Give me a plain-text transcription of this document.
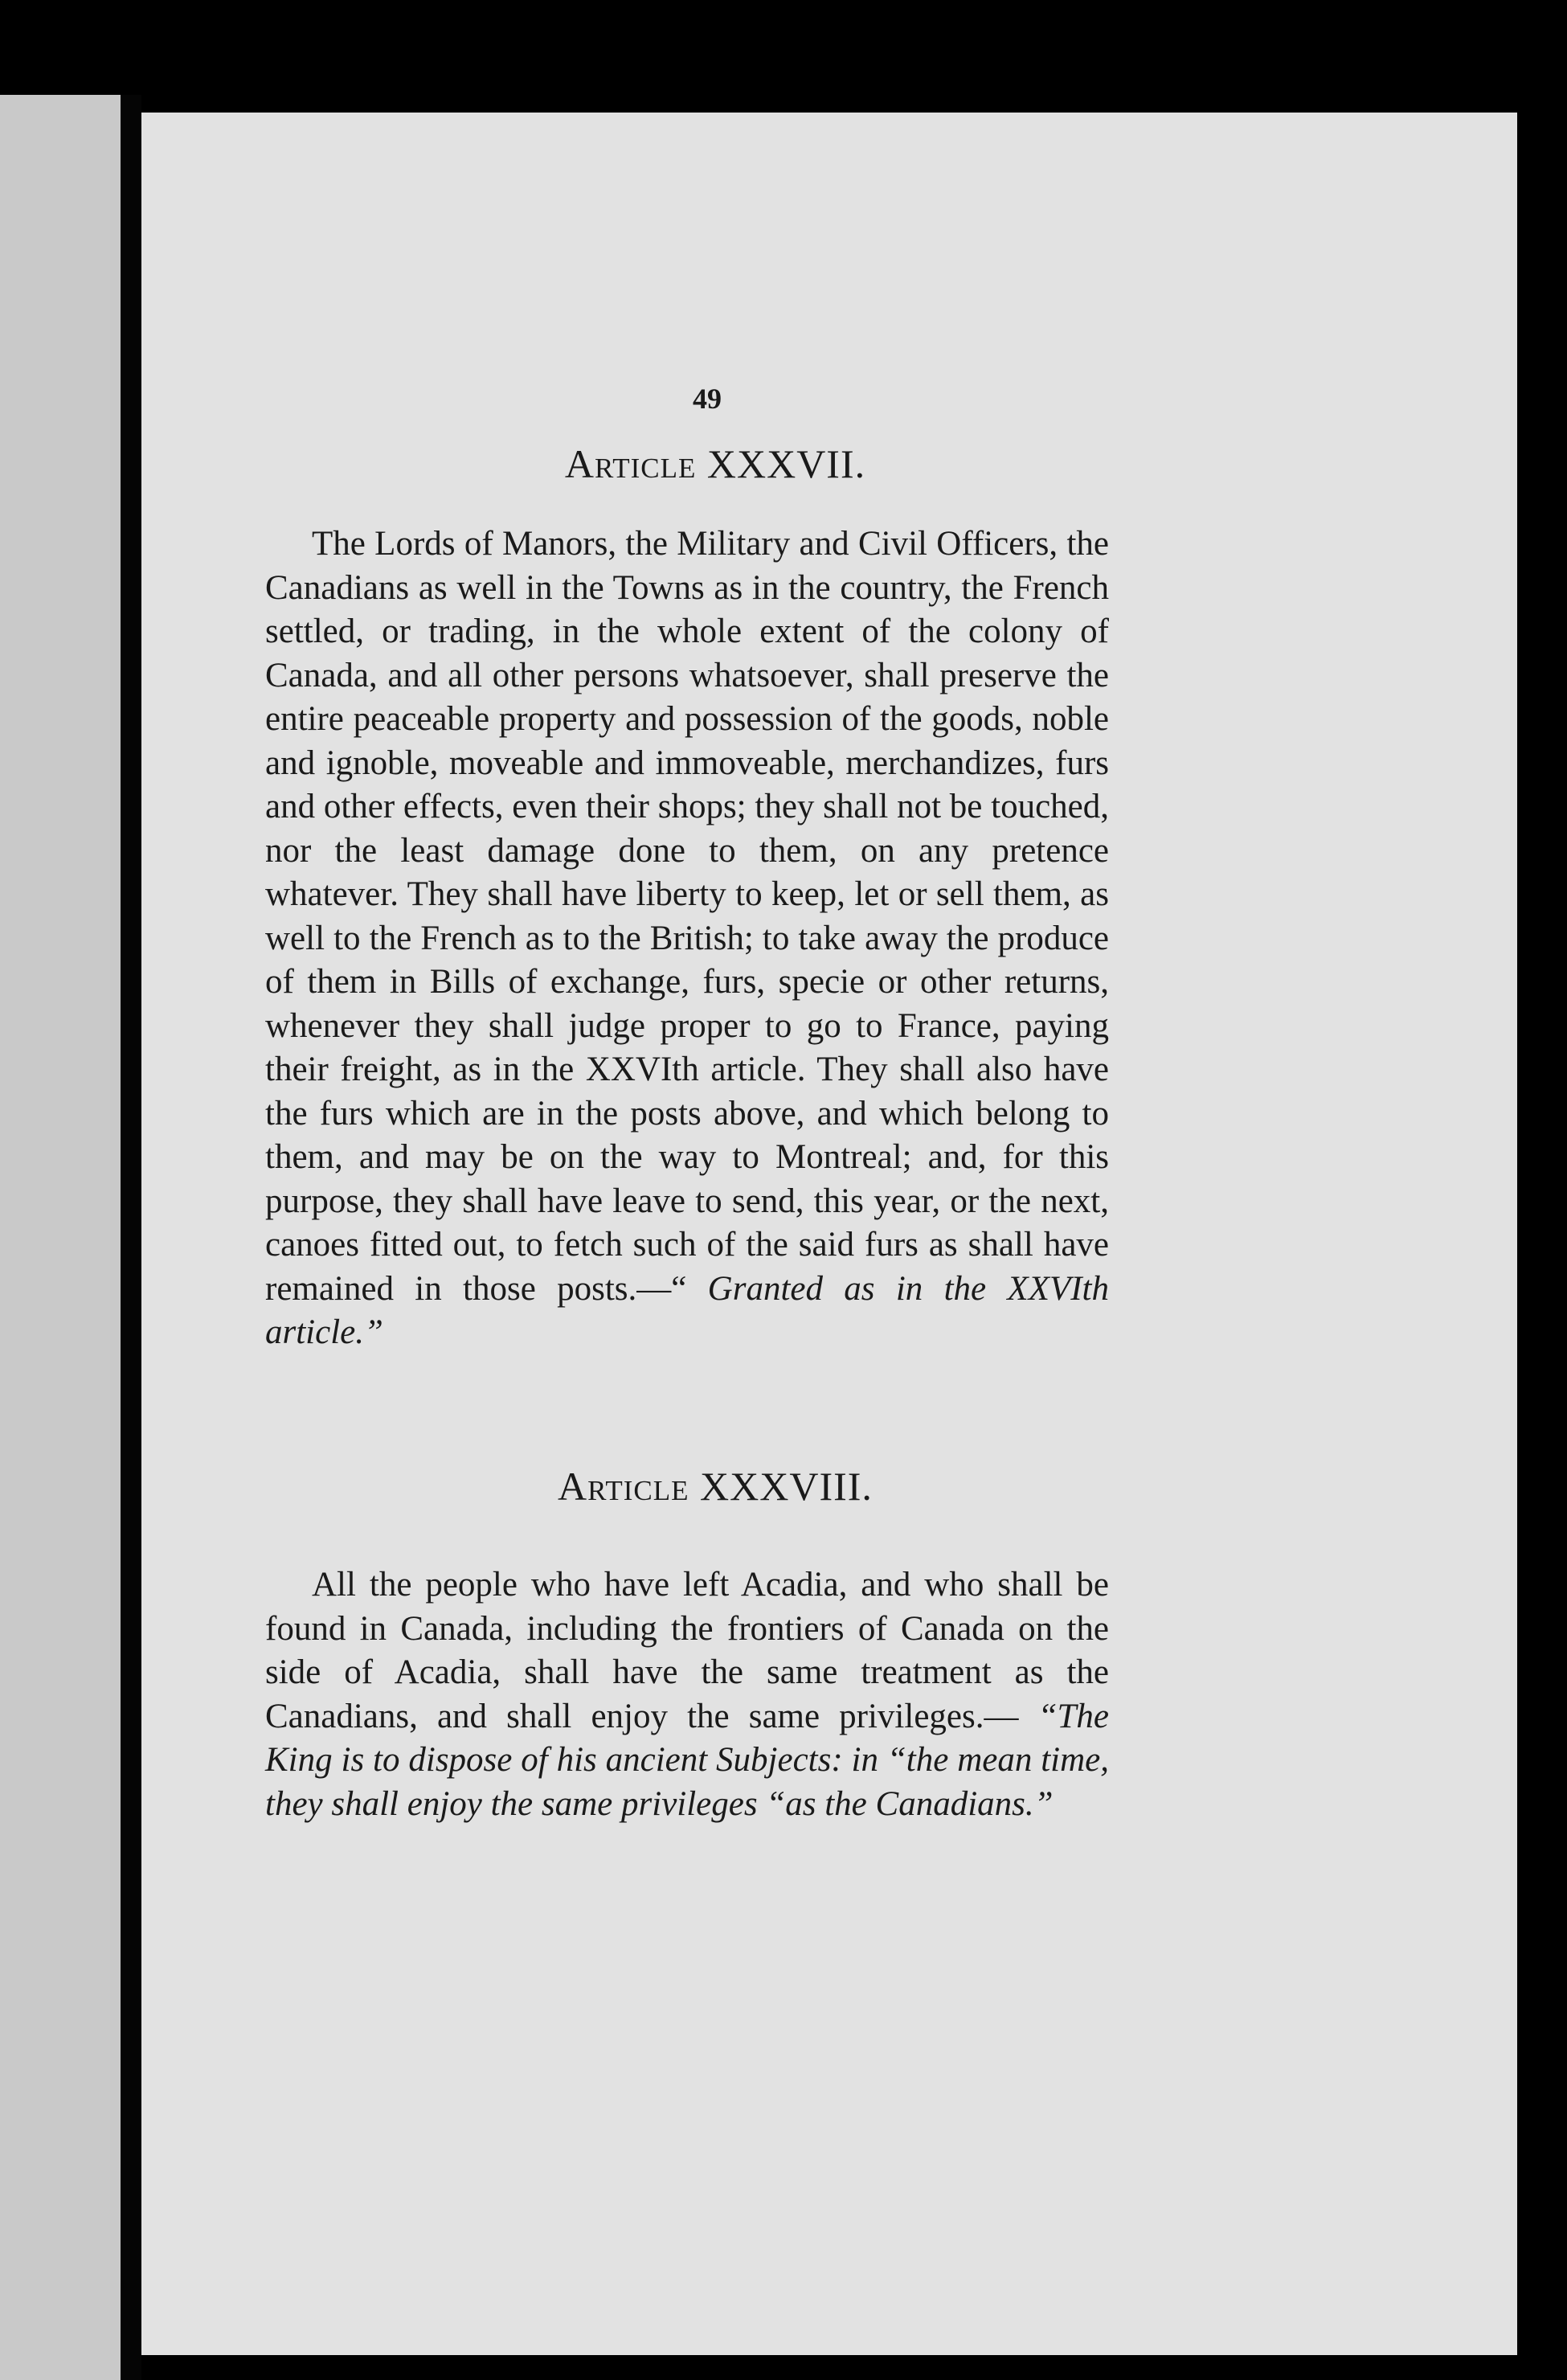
49
Article XXXVII.

The Lords of Manors, the Military and Civil Officers, the Canadians as well in the Towns as in the country, the French settled, or trading, in the whole extent of the colony of Canada, and all other persons whatsoever, shall preserve the entire peaceable property and possession of the goods, noble and ignoble, moveable and immoveable, merchandizes, furs and other effects, even their shops; they shall not be touched, nor the least damage done to them, on any pretence whatever. They shall have liberty to keep, let or sell them, as well to the French as to the British; to take away the produce of them in Bills of exchange, furs, specie or other returns, whenever they shall judge proper to go to France, paying their freight, as in the XXVIth article. They shall also have the furs which are in the posts above, and which belong to them, and may be on the way to Montreal; and, for this purpose, they shall have leave to send, this year, or the next, canoes fitted out, to fetch such of the said furs as shall have remained in those posts.—“ Granted as in the XXVIth article.”

Article XXXVIII.

All the people who have left Acadia, and who shall be found in Canada, including the frontiers of Canada on the side of Acadia, shall have the same treatment as the Canadians, and shall enjoy the same privileges.— “The King is to dispose of his ancient Subjects: in “the mean time, they shall enjoy the same privileges “as the Canadians.”
